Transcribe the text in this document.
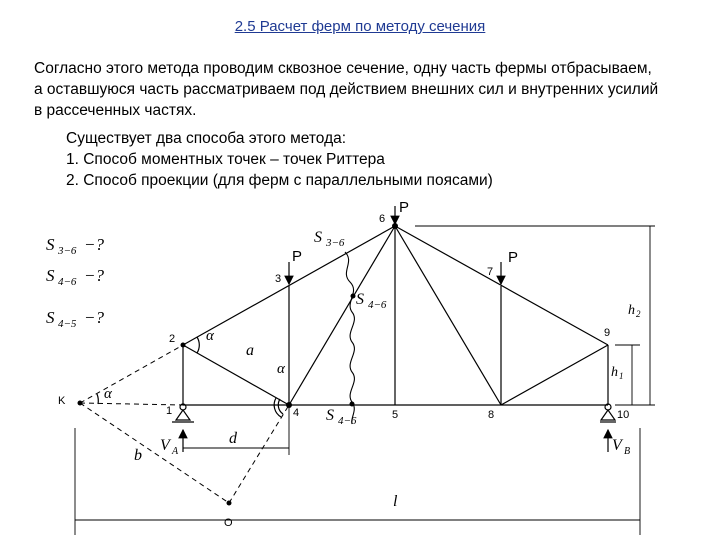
2.5 Расчет ферм по методу сечения
Согласно этого метода проводим сквозное сечение, одну часть фермы отбрасываем,
а оставшуюся часть рассматриваем под действием внешних сил и внутренних усилий
в рассеченных частях.
Существует два способа этого метода:
1. Способ моментных точек – точек Риттера
2. Способ проекции (для ферм с параллельными поясами)
S 3−6 −?
S 4−6 −?
S 4−5 −?
1
2
3
4	5
6
7
8
9
10
P
P	P
S 3−6
S 4−6
S 4−6
K
O
α
α
α
a
b
d
l
h 2
h 1
V A	V B
